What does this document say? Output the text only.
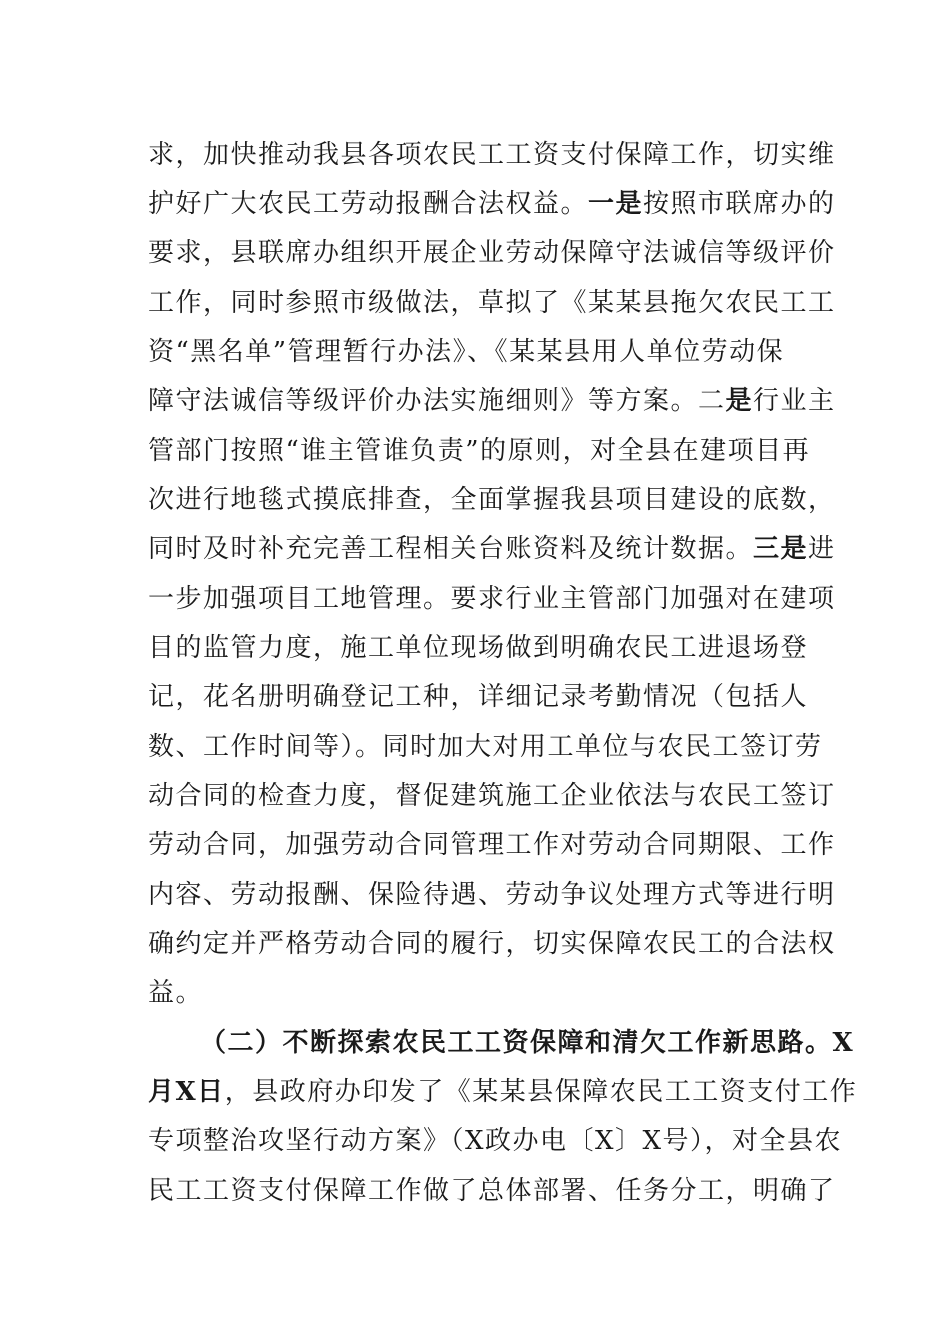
求，加快推动我县各项农民工工资支付保障工作，切实维
护好广大农民工劳动报酬合法权益。一是按照市联席办的
要求，县联席办组织开展企业劳动保障守法诚信等级评价
工作，同时参照市级做法，草拟了《某某县拖欠农民工工
资“黑名单”管理暂行办法》、《某某县用人单位劳动保
障守法诚信等级评价办法实施细则》等方案。二是行业主
管部门按照“谁主管谁负责”的原则，对全县在建项目再
次进行地毯式摸底排查，全面掌握我县项目建设的底数，
同时及时补充完善工程相关台账资料及统计数据。三是进
一步加强项目工地管理。要求行业主管部门加强对在建项
目的监管力度，施工单位现场做到明确农民工进退场登
记，花名册明确登记工种，详细记录考勤情况（包括人
数、工作时间等）。同时加大对用工单位与农民工签订劳
动合同的检查力度，督促建筑施工企业依法与农民工签订
劳动合同，加强劳动合同管理工作对劳动合同期限、工作
内容、劳动报酬、保险待遇、劳动争议处理方式等进行明
确约定并严格劳动合同的履行，切实保障农民工的合法权
益。
（二）不断探索农民工工资保障和清欠工作新思路。X
月X日，县政府办印发了《某某县保障农民工工资支付工作
专项整治攻坚行动方案》（X政办电〔X〕X号），对全县农
民工工资支付保障工作做了总体部署、任务分工，明确了
